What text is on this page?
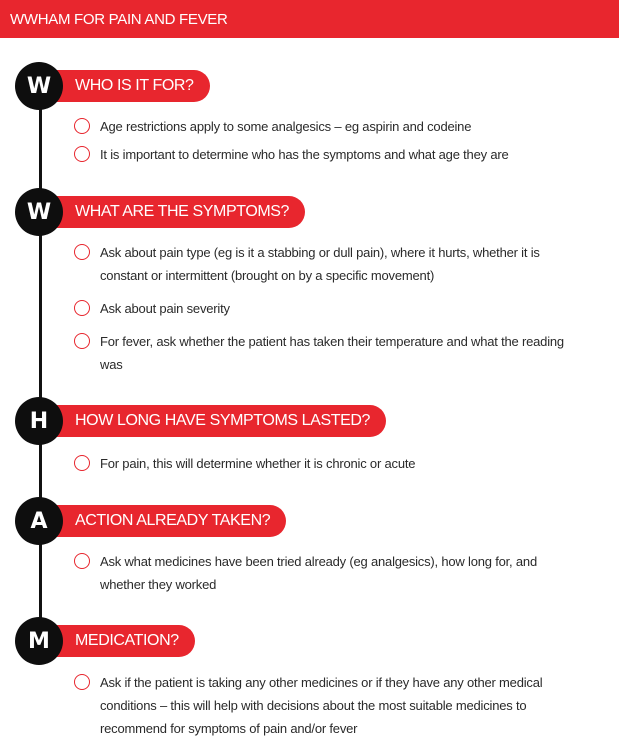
WWHAM FOR PAIN AND FEVER
W	WHO IS IT FOR?
Age restrictions apply to some analgesics – eg aspirin and codeine
It is important to determine who has the symptoms and what age they are
W	WHAT ARE THE SYMPTOMS?
Ask about pain type (eg is it a stabbing or dull pain), where it hurts, whether it is constant or intermittent (brought on by a specific movement)
Ask about pain severity
For fever, ask whether the patient has taken their temperature and what the reading was
H	HOW LONG HAVE SYMPTOMS LASTED?
For pain, this will determine whether it is chronic or acute
A	ACTION ALREADY TAKEN?
Ask what medicines have been tried already (eg analgesics), how long for, and whether they worked
M	MEDICATION?
Ask if the patient is taking any other medicines or if they have any other medical conditions – this will help with decisions about the most suitable medicines to recommend for symptoms of pain and/or fever
